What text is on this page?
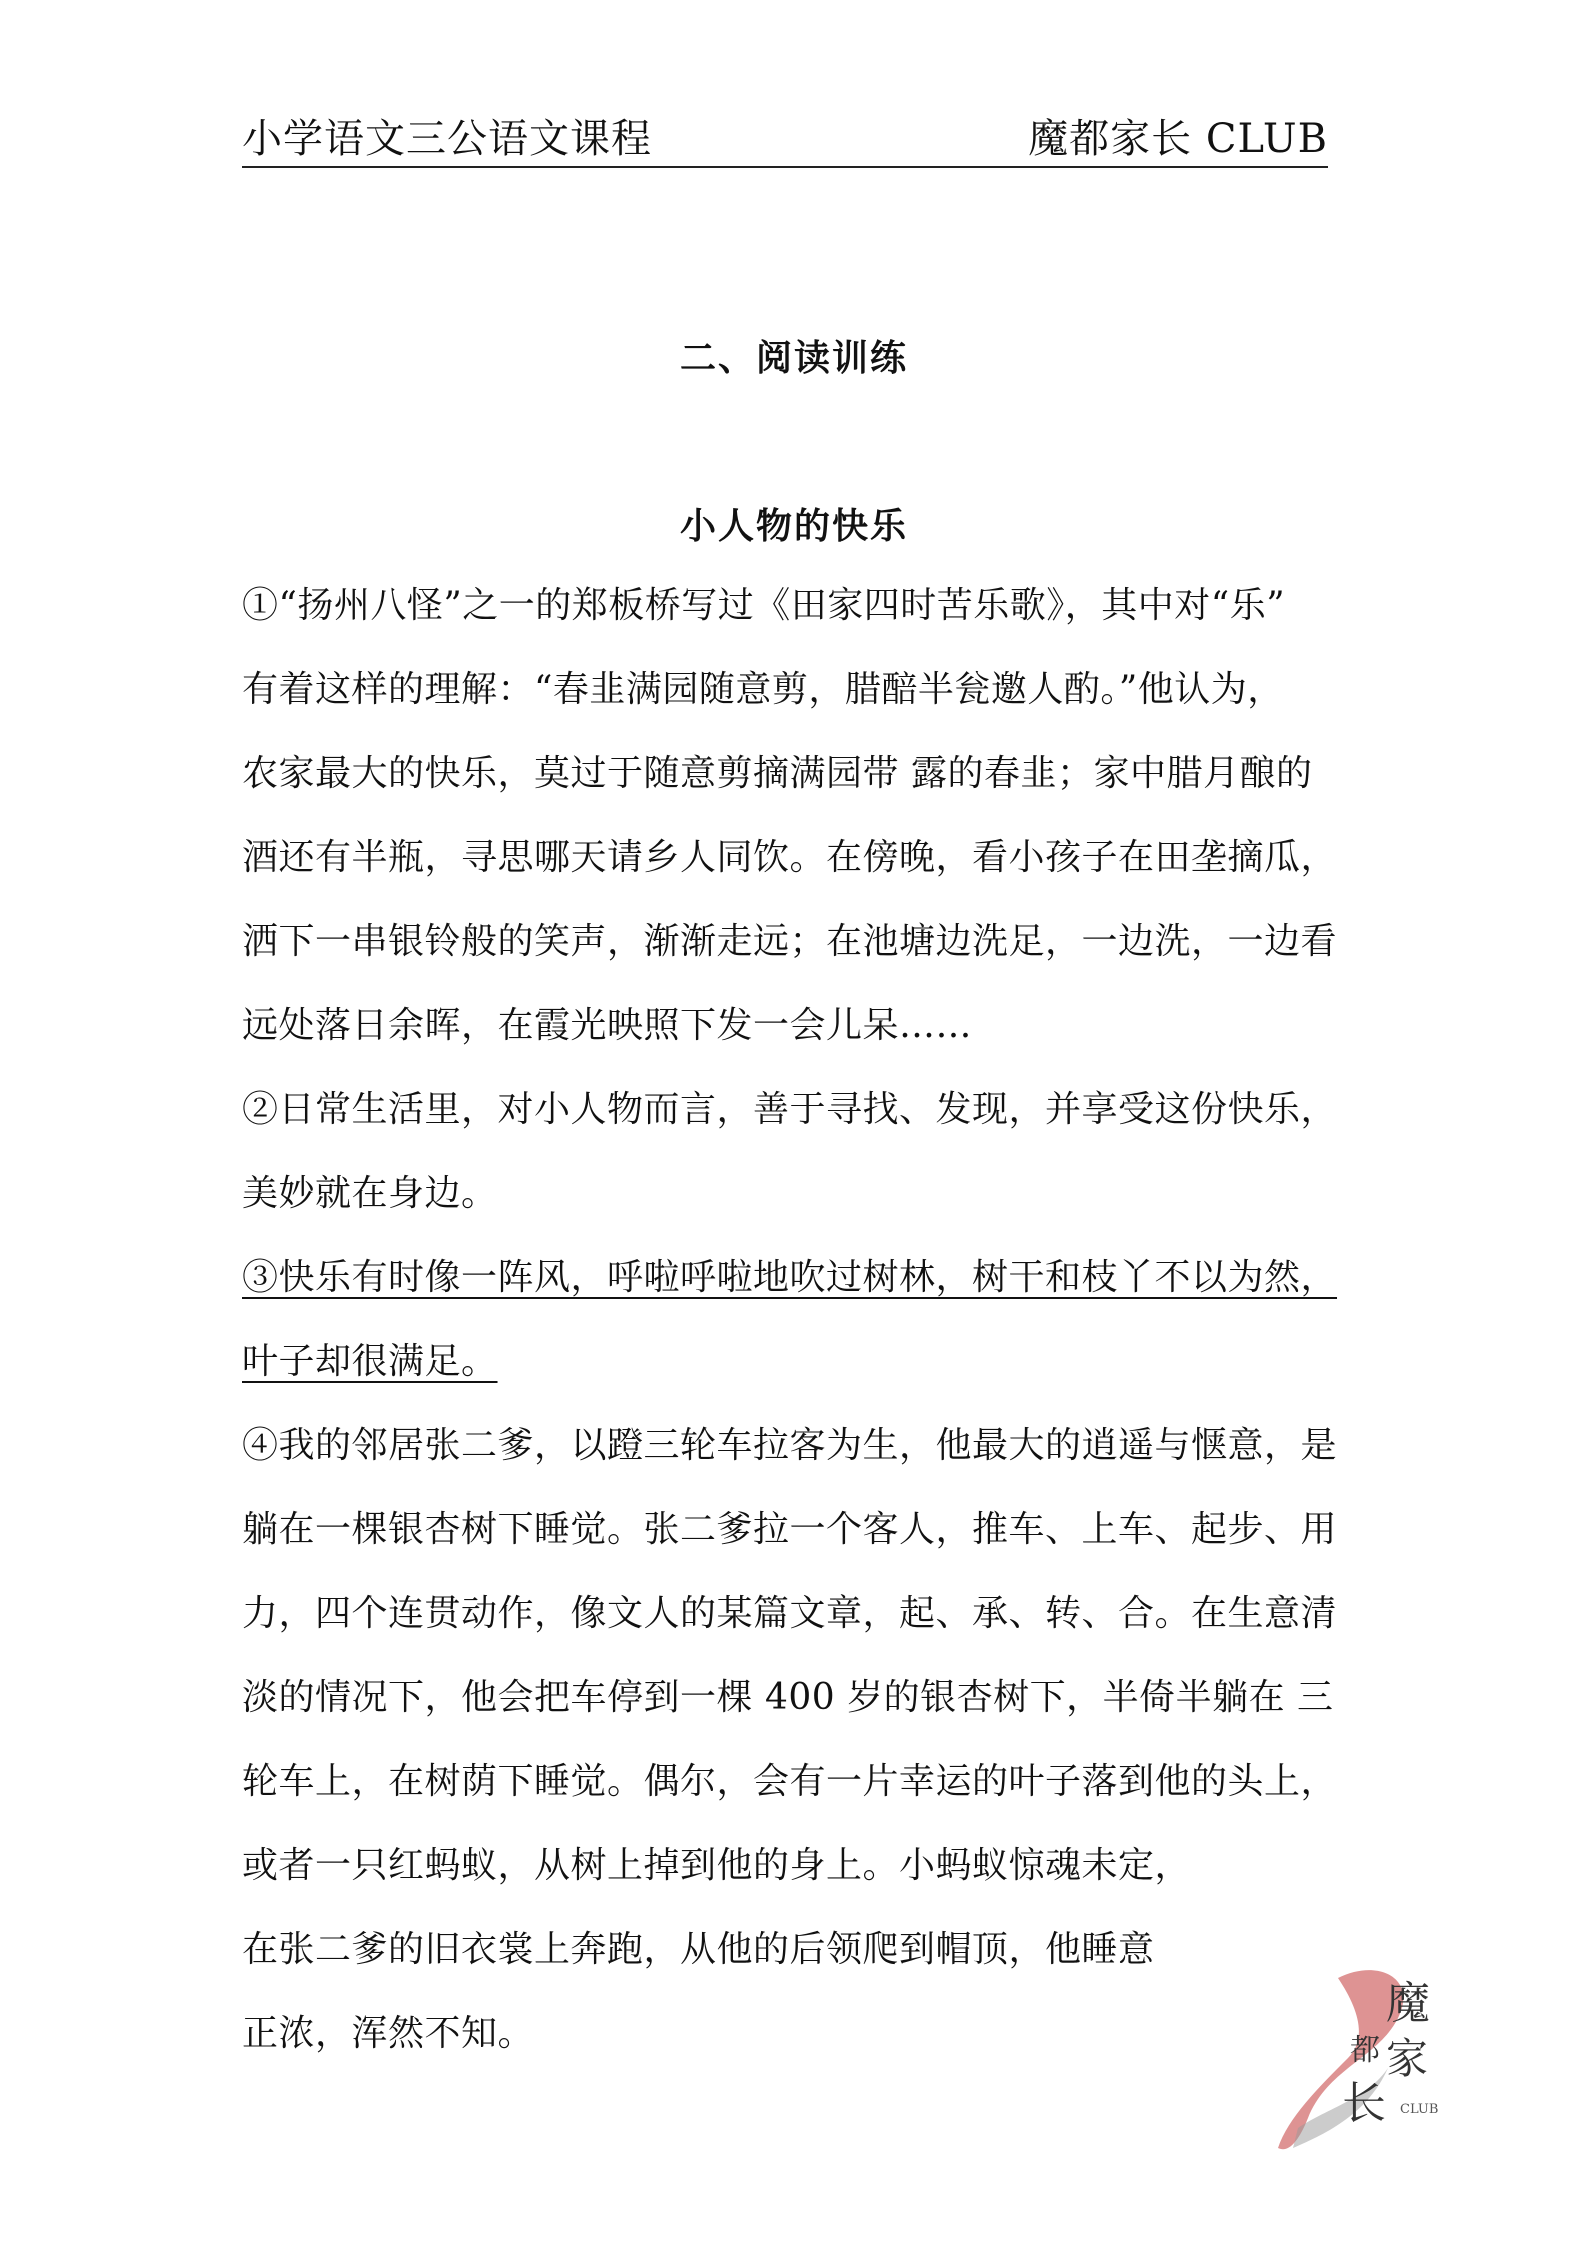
小学语文三公语文课程	魔都家长 CLUB
二、阅读训练
小人物的快乐
①“扬州八怪”之一的郑板桥写过《田家四时苦乐歌》，其中对“乐”
有着这样的理解：“春韭满园随意剪，腊醅半瓮邀人酌。”他认为，
农家最大的快乐，莫过于随意剪摘满园带 露的春韭；家中腊月酿的
酒还有半瓶，寻思哪天请乡人同饮。在傍晚，看小孩子在田垄摘瓜，
洒下一串银铃般的笑声，渐渐走远；在池塘边洗足，一边洗，一边看
远处落日余晖，在霞光映照下发一会儿呆……
②日常生活里，对小人物而言，善于寻找、发现，并享受这份快乐，
美妙就在身边。
③快乐有时像一阵风，呼啦呼啦地吹过树林，树干和枝丫不以为然，
叶子却很满足。
④我的邻居张二爹，以蹬三轮车拉客为生，他最大的逍遥与惬意，是
躺在一棵银杏树下睡觉。张二爹拉一个客人，推车、上车、起步、用
力，四个连贯动作，像文人的某篇文章，起、承、转、合。在生意清
淡的情况下，他会把车停到一棵 400 岁的银杏树下，半倚半躺在 三
轮车上，在树荫下睡觉。偶尔，会有一片幸运的叶子落到他的头上，
或者一只红蚂蚁，从树上掉到他的身上。小蚂蚁惊魂未定，
在张二爹的旧衣裳上奔跑，从他的后领爬到帽顶，他睡意
正浓，浑然不知。
魔
都 家
长 CLUB
